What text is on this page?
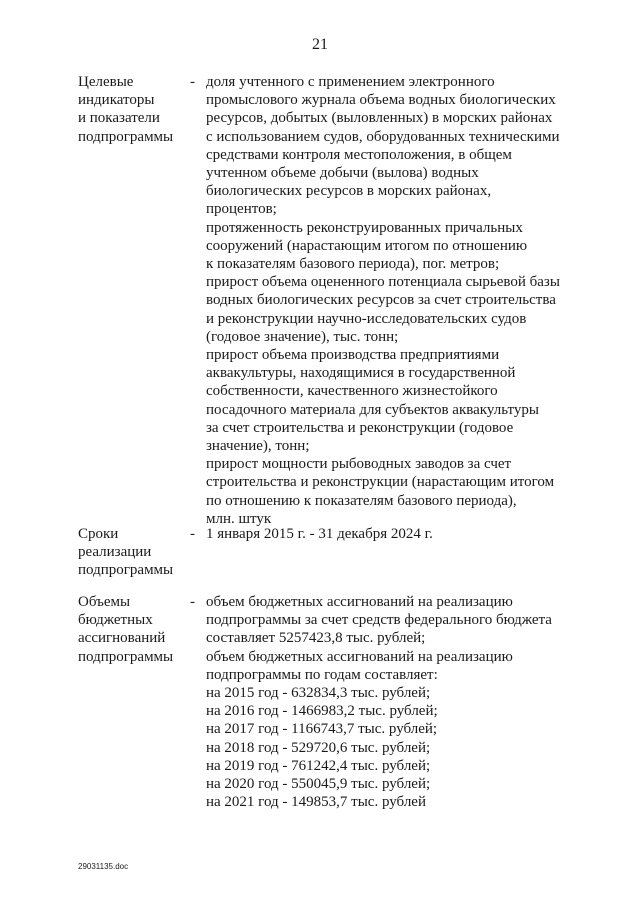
21
Целевые
индикаторы
и показатели
подпрограммы
- доля учтенного с применением электронного
промыслового журнала объема водных биологических
ресурсов, добытых (выловленных) в морских районах
с использованием судов, оборудованных техническими
средствами контроля местоположения, в общем
учтенном объеме добычи (вылова) водных
биологических ресурсов в морских районах,
процентов;
протяженность реконструированных причальных
сооружений (нарастающим итогом по отношению
к показателям базового периода), пог. метров;
прирост объема оцененного потенциала сырьевой базы
водных биологических ресурсов за счет строительства
и реконструкции научно-исследовательских судов
(годовое значение), тыс. тонн;
прирост объема производства предприятиями
аквакультуры, находящимися в государственной
собственности, качественного жизнестойкого
посадочного материала для субъектов аквакультуры
за счет строительства и реконструкции (годовое
значение), тонн;
прирост мощности рыбоводных заводов за счет
строительства и реконструкции (нарастающим итогом
по отношению к показателям базового периода),
млн. штук
Сроки
реализации
подпрограммы
- 1 января 2015 г. - 31 декабря 2024 г.
Объемы
бюджетных
ассигнований
подпрограммы
- объем бюджетных ассигнований на реализацию
подпрограммы за счет средств федерального бюджета
составляет 5257423,8 тыс. рублей;
объем бюджетных ассигнований на реализацию
подпрограммы по годам составляет:
на 2015 год - 632834,3 тыс. рублей;
на 2016 год - 1466983,2 тыс. рублей;
на 2017 год - 1166743,7 тыс. рублей;
на 2018 год - 529720,6 тыс. рублей;
на 2019 год - 761242,4 тыс. рублей;
на 2020 год - 550045,9 тыс. рублей;
на 2021 год - 149853,7 тыс. рублей
29031135.doc
